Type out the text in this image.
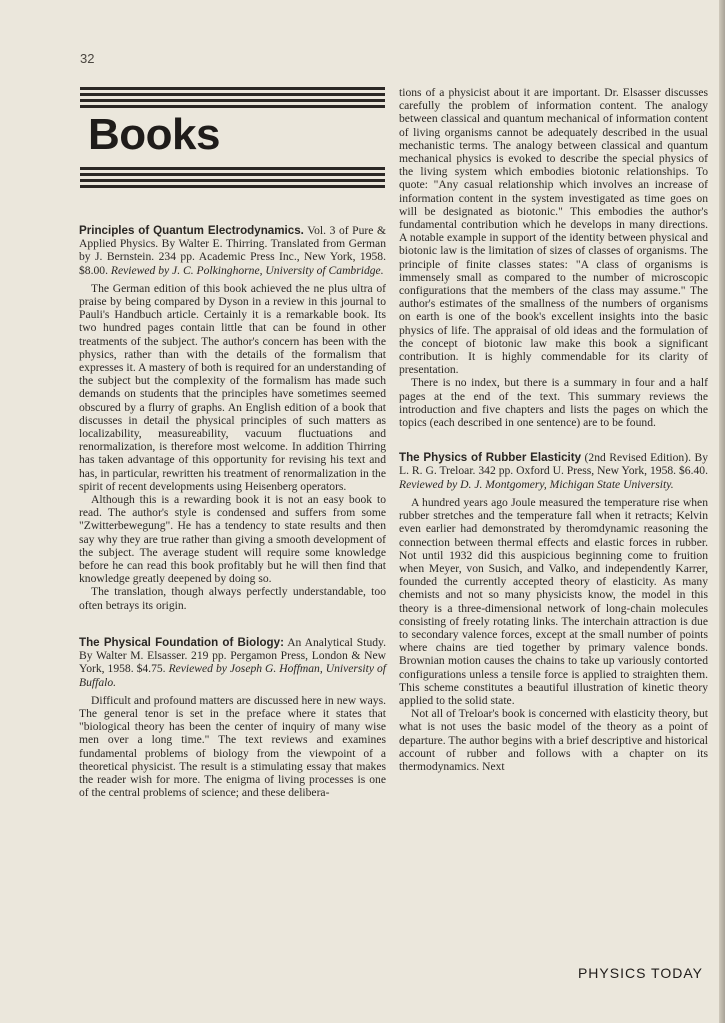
32
Books

Principles of Quantum Electrodynamics. Vol. 3 of Pure & Applied Physics. By Walter E. Thirring. Translated from German by J. Bernstein. 234 pp. Academic Press Inc., New York, 1958. $8.00. Reviewed by J. C. Polkinghorne, University of Cambridge.

The German edition of this book achieved the ne plus ultra of praise by being compared by Dyson in a review in this journal to Pauli's Handbuch article. Certainly it is a remarkable book. Its two hundred pages contain little that can be found in other treatments of the subject. The author's concern has been with the physics, rather than with the details of the formalism that expresses it. A mastery of both is required for an understanding of the subject but the complexity of the formalism has made such demands on students that the principles have sometimes seemed obscured by a flurry of graphs. An English edition of a book that discusses in detail the physical principles of such matters as localizability, measureability, vacuum fluctuations and renormalization, is therefore most welcome. In addition Thirring has taken advantage of this opportunity for revising his text and has, in particular, rewritten his treatment of renormalization in the spirit of recent developments using Heisenberg operators.

Although this is a rewarding book it is not an easy book to read. The author's style is condensed and suffers from some "Zwitterbewegung". He has a tendency to state results and then say why they are true rather than giving a smooth development of the subject. The average student will require some knowledge before he can read this book profitably but he will then find that knowledge greatly deepened by doing so.

The translation, though always perfectly understandable, too often betrays its origin.

The Physical Foundation of Biology: An Analytical Study. By Walter M. Elsasser. 219 pp. Pergamon Press, London & New York, 1958. $4.75. Reviewed by Joseph G. Hoffman, University of Buffalo.

Difficult and profound matters are discussed here in new ways. The general tenor is set in the preface where it states that "biological theory has been the center of inquiry of many wise men over a long time." The text reviews and examines fundamental problems of biology from the viewpoint of a theoretical physicist. The result is a stimulating essay that makes the reader wish for more. The enigma of living processes is one of the central problems of science; and these delibera-

tions of a physicist about it are important. Dr. Elsasser discusses carefully the problem of information content. The analogy between classical and quantum mechanical of information content of living organisms cannot be adequately described in the usual mechanistic terms. The analogy between classical and quantum mechanical physics is evoked to describe the special physics of the living system which embodies biotonic relationships. To quote: "Any casual relationship which involves an increase of information content in the system investigated as time goes on will be designated as biotonic." This embodies the author's fundamental contribution which he develops in many directions. A notable example in support of the identity between physical and biotonic law is the limitation of sizes of classes of organisms. The principle of finite classes states: "A class of organisms is immensely small as compared to the number of microscopic configurations that the members of the class may assume." The author's estimates of the smallness of the numbers of organisms on earth is one of the book's excellent insights into the basic physics of life. The appraisal of old ideas and the formulation of the concept of biotonic law make this book a significant contribution. It is highly commendable for its clarity of presentation.

There is no index, but there is a summary in four and a half pages at the end of the text. This summary reviews the introduction and five chapters and lists the pages on which the topics (each described in one sentence) are to be found.

The Physics of Rubber Elasticity (2nd Revised Edition). By L. R. G. Treloar. 342 pp. Oxford U. Press, New York, 1958. $6.40. Reviewed by D. J. Montgomery, Michigan State University.

A hundred years ago Joule measured the temperature rise when rubber stretches and the temperature fall when it retracts; Kelvin even earlier had demonstrated by theromdynamic reasoning the connection between thermal effects and elastic forces in rubber. Not until 1932 did this auspicious beginning come to fruition when Meyer, von Susich, and Valko, and independently Karrer, founded the currently accepted theory of elasticity. As many chemists and not so many physicists know, the model in this theory is a three-dimensional network of long-chain molecules consisting of freely rotating links. The interchain attraction is due to secondary valence forces, except at the small number of points where chains are tied together by primary valence bonds. Brownian motion causes the chains to take up variously contorted configurations unless a tensile force is applied to straighten them. This scheme constitutes a beautiful illustration of kinetic theory applied to the solid state.

Not all of Treloar's book is concerned with elasticity theory, but what is not uses the basic model of the theory as a point of departure. The author begins with a brief descriptive and historical account of rubber and follows with a chapter on its thermodynamics. Next

PHYSICS TODAY
